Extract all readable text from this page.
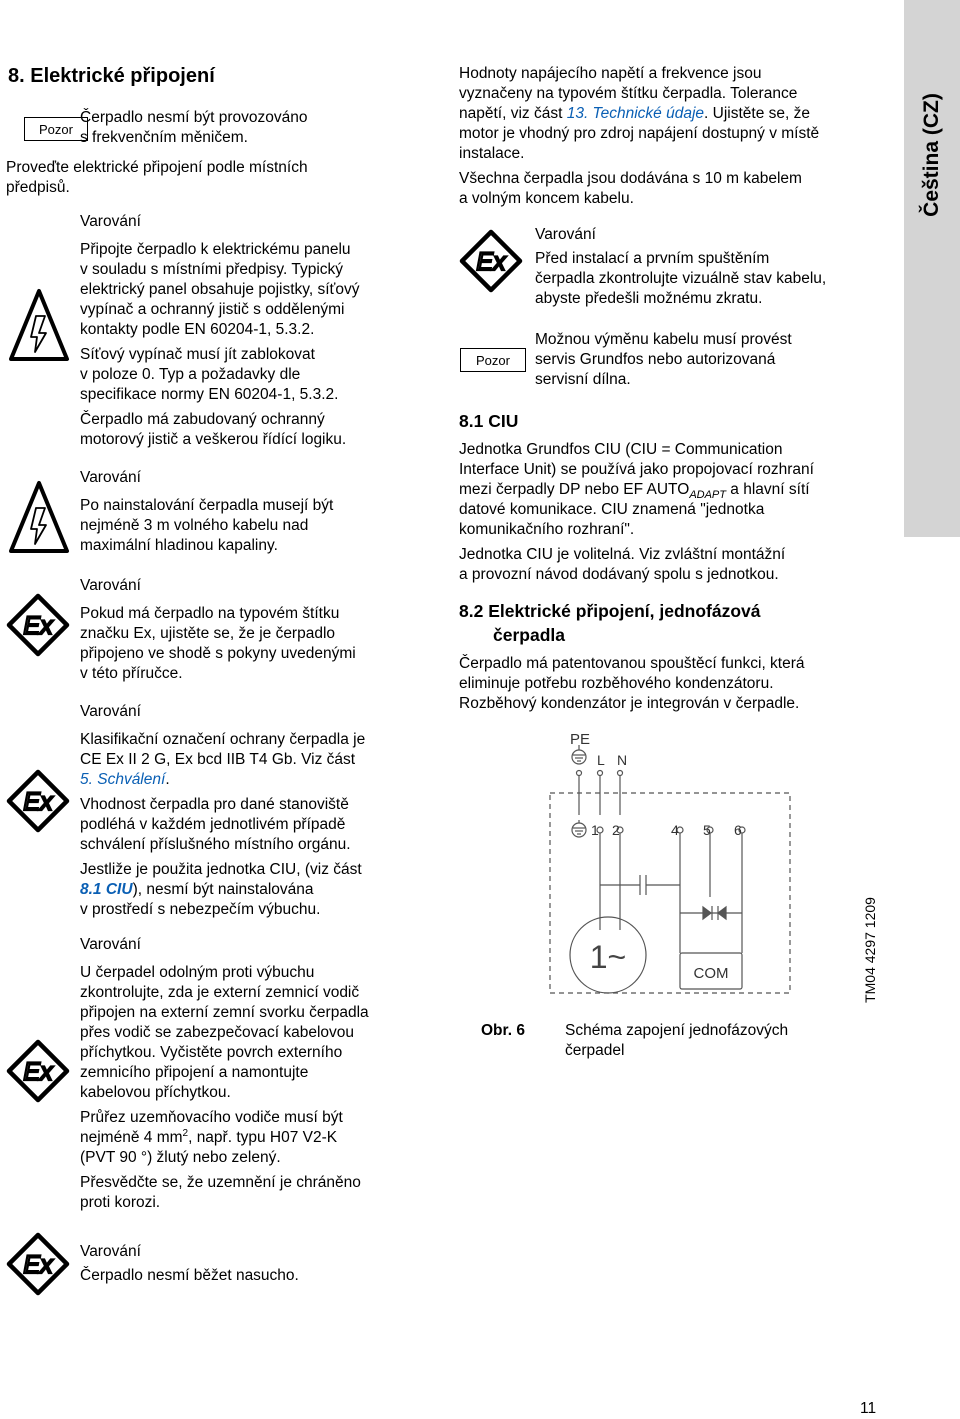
Čeština (CZ)
8. Elektrické připojení
Pozor
Čerpadlo nesmí být provozováno
s frekvenčním měničem.
Proveďte elektrické připojení podle místních
předpisů.
Varování
Připojte čerpadlo k elektrickému panelu
v souladu s místními předpisy. Typický
elektrický panel obsahuje pojistky, síťový
vypínač a ochranný jistič s oddělenými
kontakty podle EN 60204-1, 5.3.2.
Síťový vypínač musí jít zablokovat
v poloze 0. Typ a požadavky dle
specifikace normy EN 60204-1, 5.3.2.
Čerpadlo má zabudovaný ochranný
motorový jistič a veškerou řídící logiku.
Varování
Po nainstalování čerpadla musejí být
nejméně 3 m volného kabelu nad
maximální hladinou kapaliny.
Ex
Varování
Pokud má čerpadlo na typovém štítku
značku Ex, ujistěte se, že je čerpadlo
připojeno ve shodě s pokyny uvedenými
v této příručce.
Ex
Varování
Klasifikační označení ochrany čerpadla je
CE Ex II 2 G, Ex bcd IIB T4 Gb. Viz část
5. Schválení.
Vhodnost čerpadla pro dané stanoviště
podléhá v každém jednotlivém případě
schválení příslušného místního orgánu.
Jestliže je použita jednotka CIU, (viz část
8.1 CIU), nesmí být nainstalována
v prostředí s nebezpečím výbuchu.
Ex
Varování
U čerpadel odolným proti výbuchu
zkontrolujte, zda je externí zemnicí vodič
připojen na externí zemní svorku čerpadla
přes vodič se zabezpečovací kabelovou
příchytkou. Vyčistěte povrch externího
zemnicího připojení a namontujte
kabelovou příchytkou.
Průřez uzemňovacího vodiče musí být
nejméně 4 $mm^2$, např. typu H07 V2-K
(PVT 90 °) žlutý nebo zelený.
Přesvědčte se, že uzemnění je chráněno
proti korozi.
Ex Varování
Čerpadlo nesmí běžet nasucho.
Hodnoty napájecího napětí a frekvence jsou
vyznačeny na typovém štítku čerpadla. Tolerance
napětí, viz část 13. Technické údaje. Ujistěte se, že
motor je vhodný pro zdroj napájení dostupný v místě
instalace.
Všechna čerpadla jsou dodávána s 10 m kabelem
a volným koncem kabelu.
Ex
Varování
Před instalací a prvním spuštěním
čerpadla zkontrolujte vizuálně stav kabelu,
abyste předešli možnému zkratu.
Pozor
Možnou výměnu kabelu musí provést
servis Grundfos nebo autorizovaná
servisní dílna.
8.1 CIU
Jednotka Grundfos CIU (CIU = Communication
Interface Unit) se používá jako propojovací rozhraní
mezi čerpadly DP nebo EF $AUTO_{ADAPT}$ a hlavní sítí
datové komunikace. CIU znamená "jednotka
komunikačního rozhraní".
Jednotka CIU je volitelná. Viz zvláštní montážní
a provozní návod dodávaný spolu s jednotkou.
8.2 Elektrické připojení, jednofázová
čerpadla
Čerpadlo má patentovanou spouštěcí funkci, která
eliminuje potřebu rozběhového kondenzátoru.
Rozběhový kondenzátor je integrován v čerpadle.
PE
L N
1 2	4 5 6
1~	COM	TM04 4297 1209
Obr. 6	Schéma zapojení jednofázových
čerpadel
11
